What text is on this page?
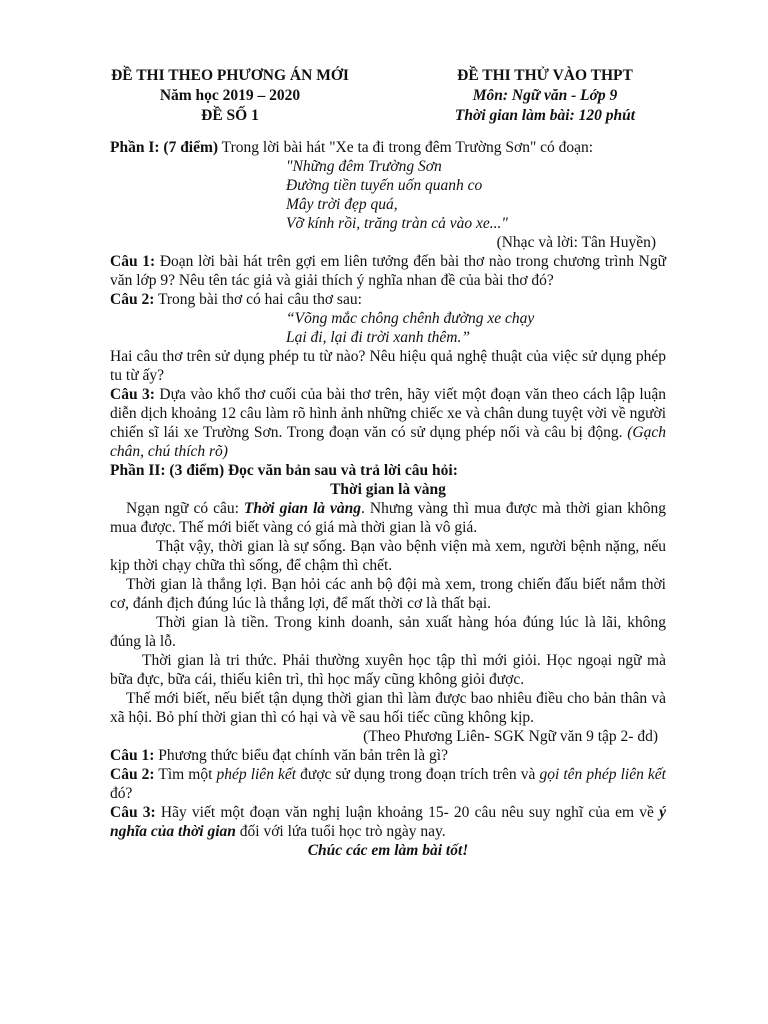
ĐỀ THI THEO PHƯƠNG ÁN MỚI
Năm học 2019 – 2020
ĐỀ SỐ 1
ĐỀ THI THỬ VÀO THPT
Môn: Ngữ văn - Lớp 9
Thời gian làm bài: 120 phút

Phần I: (7 điểm) Trong lời bài hát "Xe ta đi trong đêm Trường Sơn" có đoạn:

"Những đêm Trường Sơn

Đường tiền tuyến uốn quanh co

Mây trời đẹp quá,

Vỡ kính rồi, trăng tràn cả vào xe..."

(Nhạc và lời: Tân Huyền)

Câu 1: Đoạn lời bài hát trên gợi em liên tưởng đến bài thơ nào trong chương trình Ngữ văn lớp 9? Nêu tên tác giả và giải thích ý nghĩa nhan đề của bài thơ đó?

Câu 2: Trong bài thơ có hai câu thơ sau:

“Võng mắc chông chênh đường xe chạy

Lại đi, lại đi trời xanh thêm.”

Hai câu thơ trên sử dụng phép tu từ nào? Nêu hiệu quả nghệ thuật của việc sử dụng phép tu từ ấy?

Câu 3: Dựa vào khổ thơ cuối của bài thơ trên, hãy viết một đoạn văn theo cách lập luận diễn dịch khoảng 12 câu làm rõ hình ảnh những chiếc xe và chân dung tuyệt vời về người chiến sĩ lái xe Trường Sơn. Trong đoạn văn có sử dụng phép nối và câu bị động. (Gạch chân, chú thích rõ)

Phần II: (3 điểm) Đọc văn bản sau và trả lời câu hỏi:

Thời gian là vàng

Ngạn ngữ có câu: Thời gian là vàng. Nhưng vàng thì mua được mà thời gian không mua được. Thế mới biết vàng có giá mà thời gian là vô giá.

Thật vậy, thời gian là sự sống. Bạn vào bệnh viện mà xem, người bệnh nặng, nếu kịp thời chạy chữa thì sống, để chậm thì chết.

Thời gian là thắng lợi. Bạn hỏi các anh bộ đội mà xem, trong chiến đấu biết nắm thời cơ, đánh địch đúng lúc là thắng lợi, để mất thời cơ là thất bại.

Thời gian là tiền. Trong kinh doanh, sản xuất hàng hóa đúng lúc là lãi, không đúng là lỗ.

Thời gian là tri thức. Phải thường xuyên học tập thì mới giỏi. Học ngoại ngữ mà bữa đực, bữa cái, thiếu kiên trì, thì học mấy cũng không giỏi được.

Thế mới biết, nếu biết tận dụng thời gian thì làm được bao nhiêu điều cho bản thân và xã hội. Bỏ phí thời gian thì có hại và về sau hối tiếc cũng không kịp.

(Theo Phương Liên- SGK Ngữ văn 9 tập 2- đd)

Câu 1: Phương thức biểu đạt chính văn bản trên là gì?

Câu 2: Tìm một phép liên kết được sử dụng trong đoạn trích trên và gọi tên phép liên kết đó?

Câu 3: Hãy viết một đoạn văn nghị luận khoảng 15- 20 câu nêu suy nghĩ của em về ý nghĩa của thời gian đối với lứa tuổi học trò ngày nay.

Chúc các em làm bài tốt!
